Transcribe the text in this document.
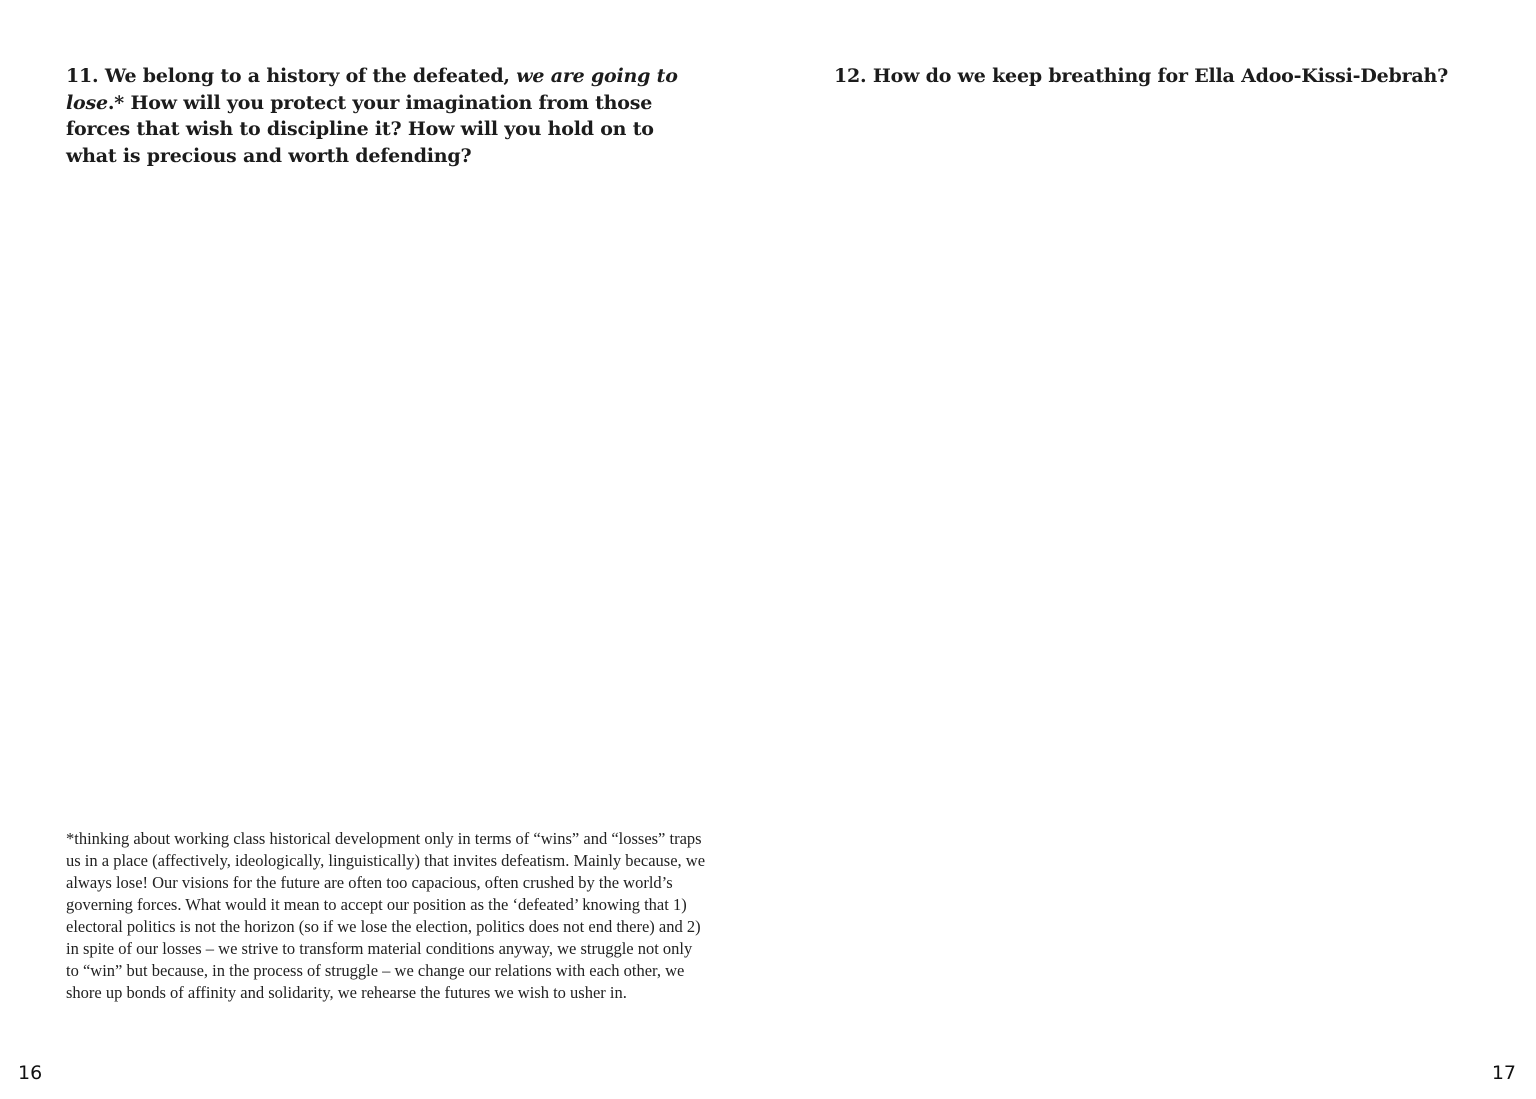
11. We belong to a history of the defeated, we are going to lose.* How will you protect your imagination from those forces that wish to discipline it? How will you hold on to what is precious and worth defending?

*thinking about working class historical development only in terms of “wins” and “losses” traps us in a place (affectively, ideologically, linguistically) that invites defeatism. Mainly because, we always lose! Our visions for the future are often too capacious, often crushed by the world’s governing forces. What would it mean to accept our position as the ‘defeated’ knowing that 1) electoral politics is not the horizon (so if we lose the election, politics does not end there) and 2) in spite of our losses – we strive to transform material conditions anyway, we struggle not only to “win” but because, in the process of struggle – we change our relations with each other, we shore up bonds of affinity and solidarity, we rehearse the futures we wish to usher in.

16

12. How do we keep breathing for Ella Adoo-Kissi-Debrah?

17
